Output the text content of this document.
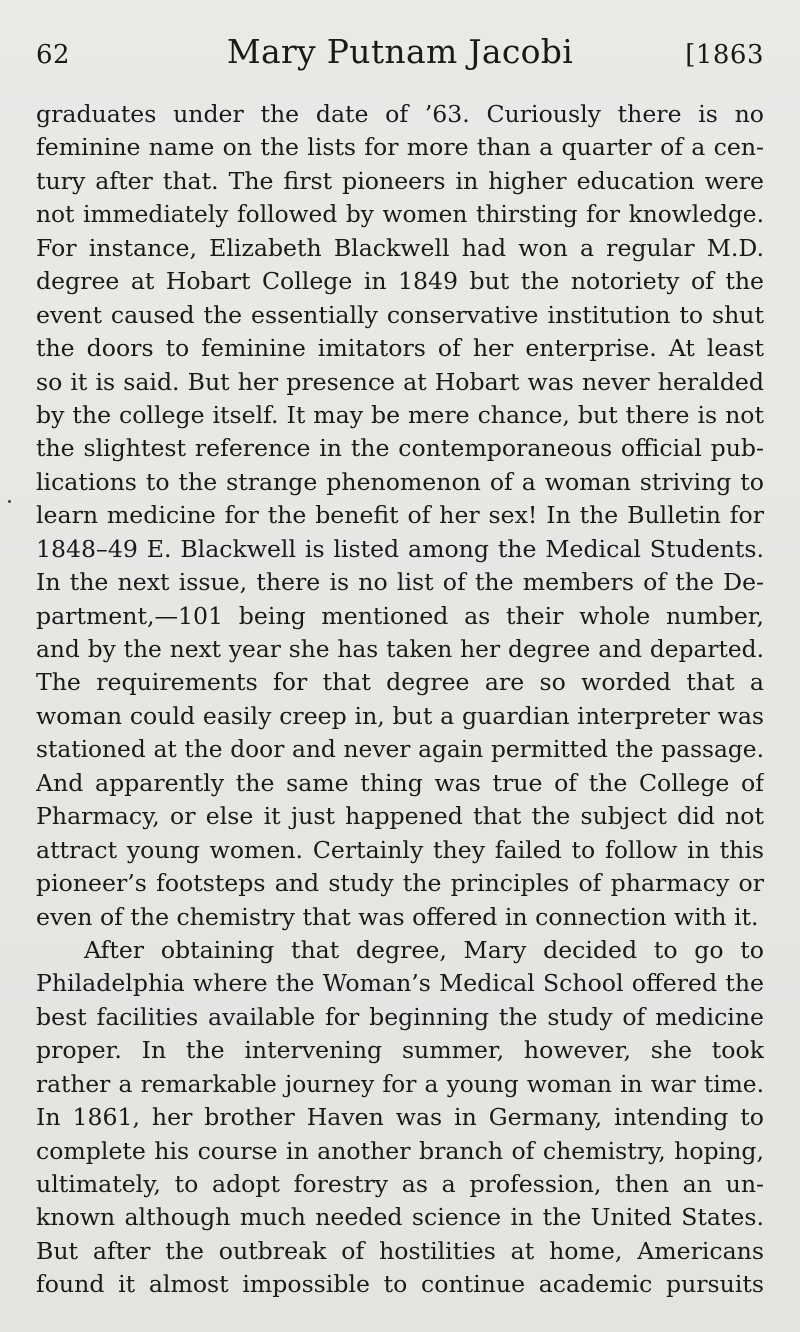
62	Mary Putnam Jacobi	[1863
graduates under the date of ’63. Curiously there is no
feminine name on the lists for more than a quarter of a cen-
tury after that. The first pioneers in higher education were
not immediately followed by women thirsting for knowledge.
For instance, Elizabeth Blackwell had won a regular M.D.
degree at Hobart College in 1849 but the notoriety of the
event caused the essentially conservative institution to shut
the doors to feminine imitators of her enterprise. At least
so it is said. But her presence at Hobart was never heralded
by the college itself. It may be mere chance, but there is not
the slightest reference in the contemporaneous official pub-
lications to the strange phenomenon of a woman striving to
learn medicine for the benefit of her sex! In the Bulletin for
1848–49 E. Blackwell is listed among the Medical Students.
In the next issue, there is no list of the members of the De-
partment,—101 being mentioned as their whole number,
and by the next year she has taken her degree and departed.
The requirements for that degree are so worded that a
woman could easily creep in, but a guardian interpreter was
stationed at the door and never again permitted the passage.
And apparently the same thing was true of the College of
Pharmacy, or else it just happened that the subject did not
attract young women. Certainly they failed to follow in this
pioneer’s footsteps and study the principles of pharmacy or
even of the chemistry that was offered in connection with it.
After obtaining that degree, Mary decided to go to
Philadelphia where the Woman’s Medical School offered the
best facilities available for beginning the study of medicine
proper. In the intervening summer, however, she took
rather a remarkable journey for a young woman in war time.
In 1861, her brother Haven was in Germany, intending to
complete his course in another branch of chemistry, hoping,
ultimately, to adopt forestry as a profession, then an un-
known although much needed science in the United States.
But after the outbreak of hostilities at home, Americans
found it almost impossible to continue academic pursuits
